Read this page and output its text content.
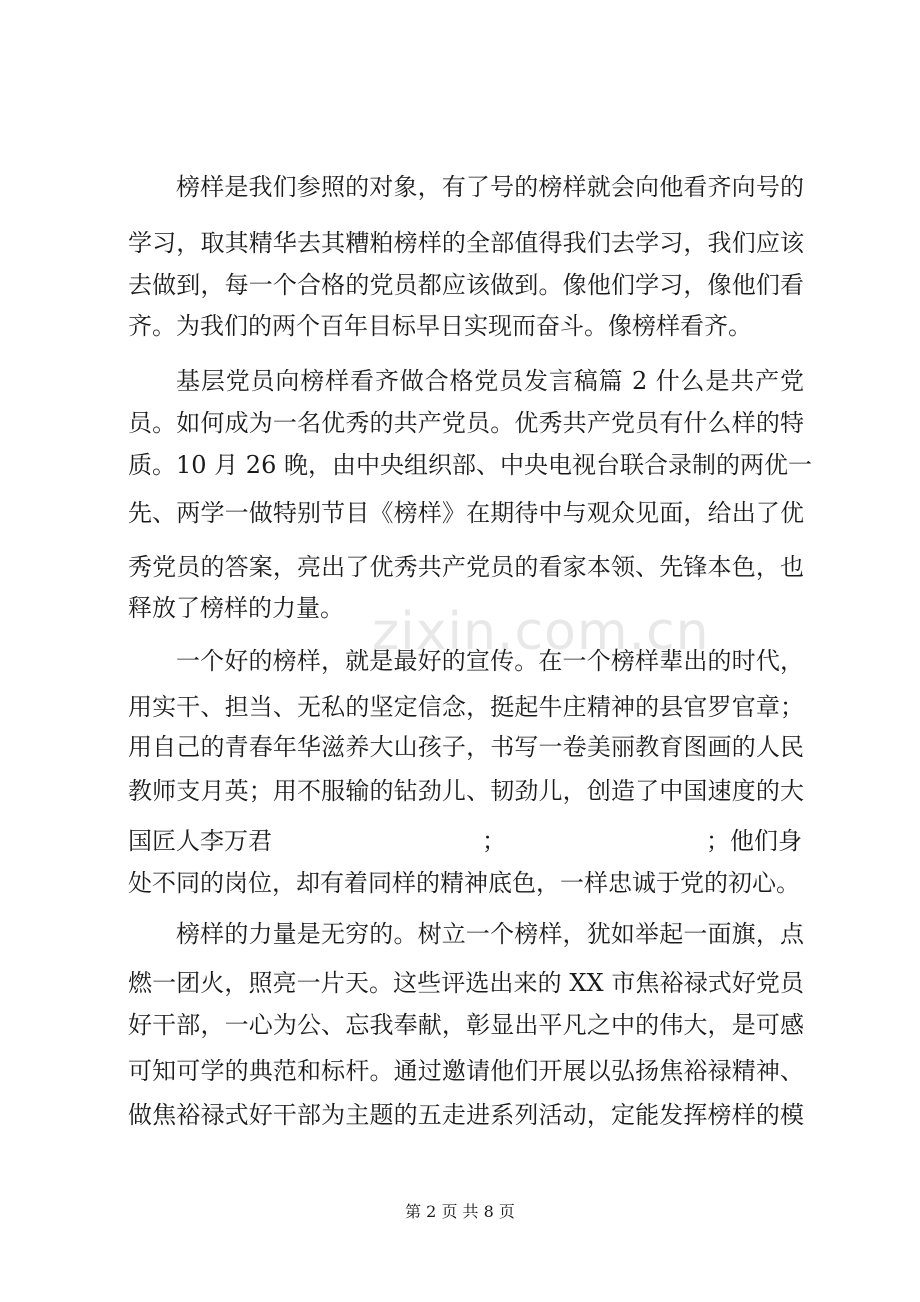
榜样是我们参照的对象，有了号的榜样就会向他看齐向号的
学习，取其精华去其糟粕榜样的全部值得我们去学习，我们应该
去做到，每一个合格的党员都应该做到。像他们学习，像他们看
齐。为我们的两个百年目标早日实现而奋斗。像榜样看齐。
基层党员向榜样看齐做合格党员发言稿篇 2 什么是共产党
员。如何成为一名优秀的共产党员。优秀共产党员有什么样的特
质。10 月 26 晚，由中央组织部、中央电视台联合录制的两优一
先、两学一做特别节目《榜样》在期待中与观众见面，给出了优
秀党员的答案，亮出了优秀共产党员的看家本领、先锋本色，也
释放了榜样的力量。
一个好的榜样，就是最好的宣传。在一个榜样辈出的时代，
用实干、担当、无私的坚定信念，挺起牛庄精神的县官罗官章；
用自己的青春年华滋养大山孩子，书写一卷美丽教育图画的人民
教师支月英；用不服输的钻劲儿、韧劲儿，创造了中国速度的大
国匠人李万君	；	；他们身
处不同的岗位，却有着同样的精神底色，一样忠诚于党的初心。
榜样的力量是无穷的。树立一个榜样，犹如举起一面旗，点
燃一团火，照亮一片天。这些评选出来的 XX 市焦裕禄式好党员
好干部，一心为公、忘我奉献，彰显出平凡之中的伟大，是可感
可知可学的典范和标杆。通过邀请他们开展以弘扬焦裕禄精神、
做焦裕禄式好干部为主题的五走进系列活动，定能发挥榜样的模
zixin.com.cn
第 2 页 共 8 页
